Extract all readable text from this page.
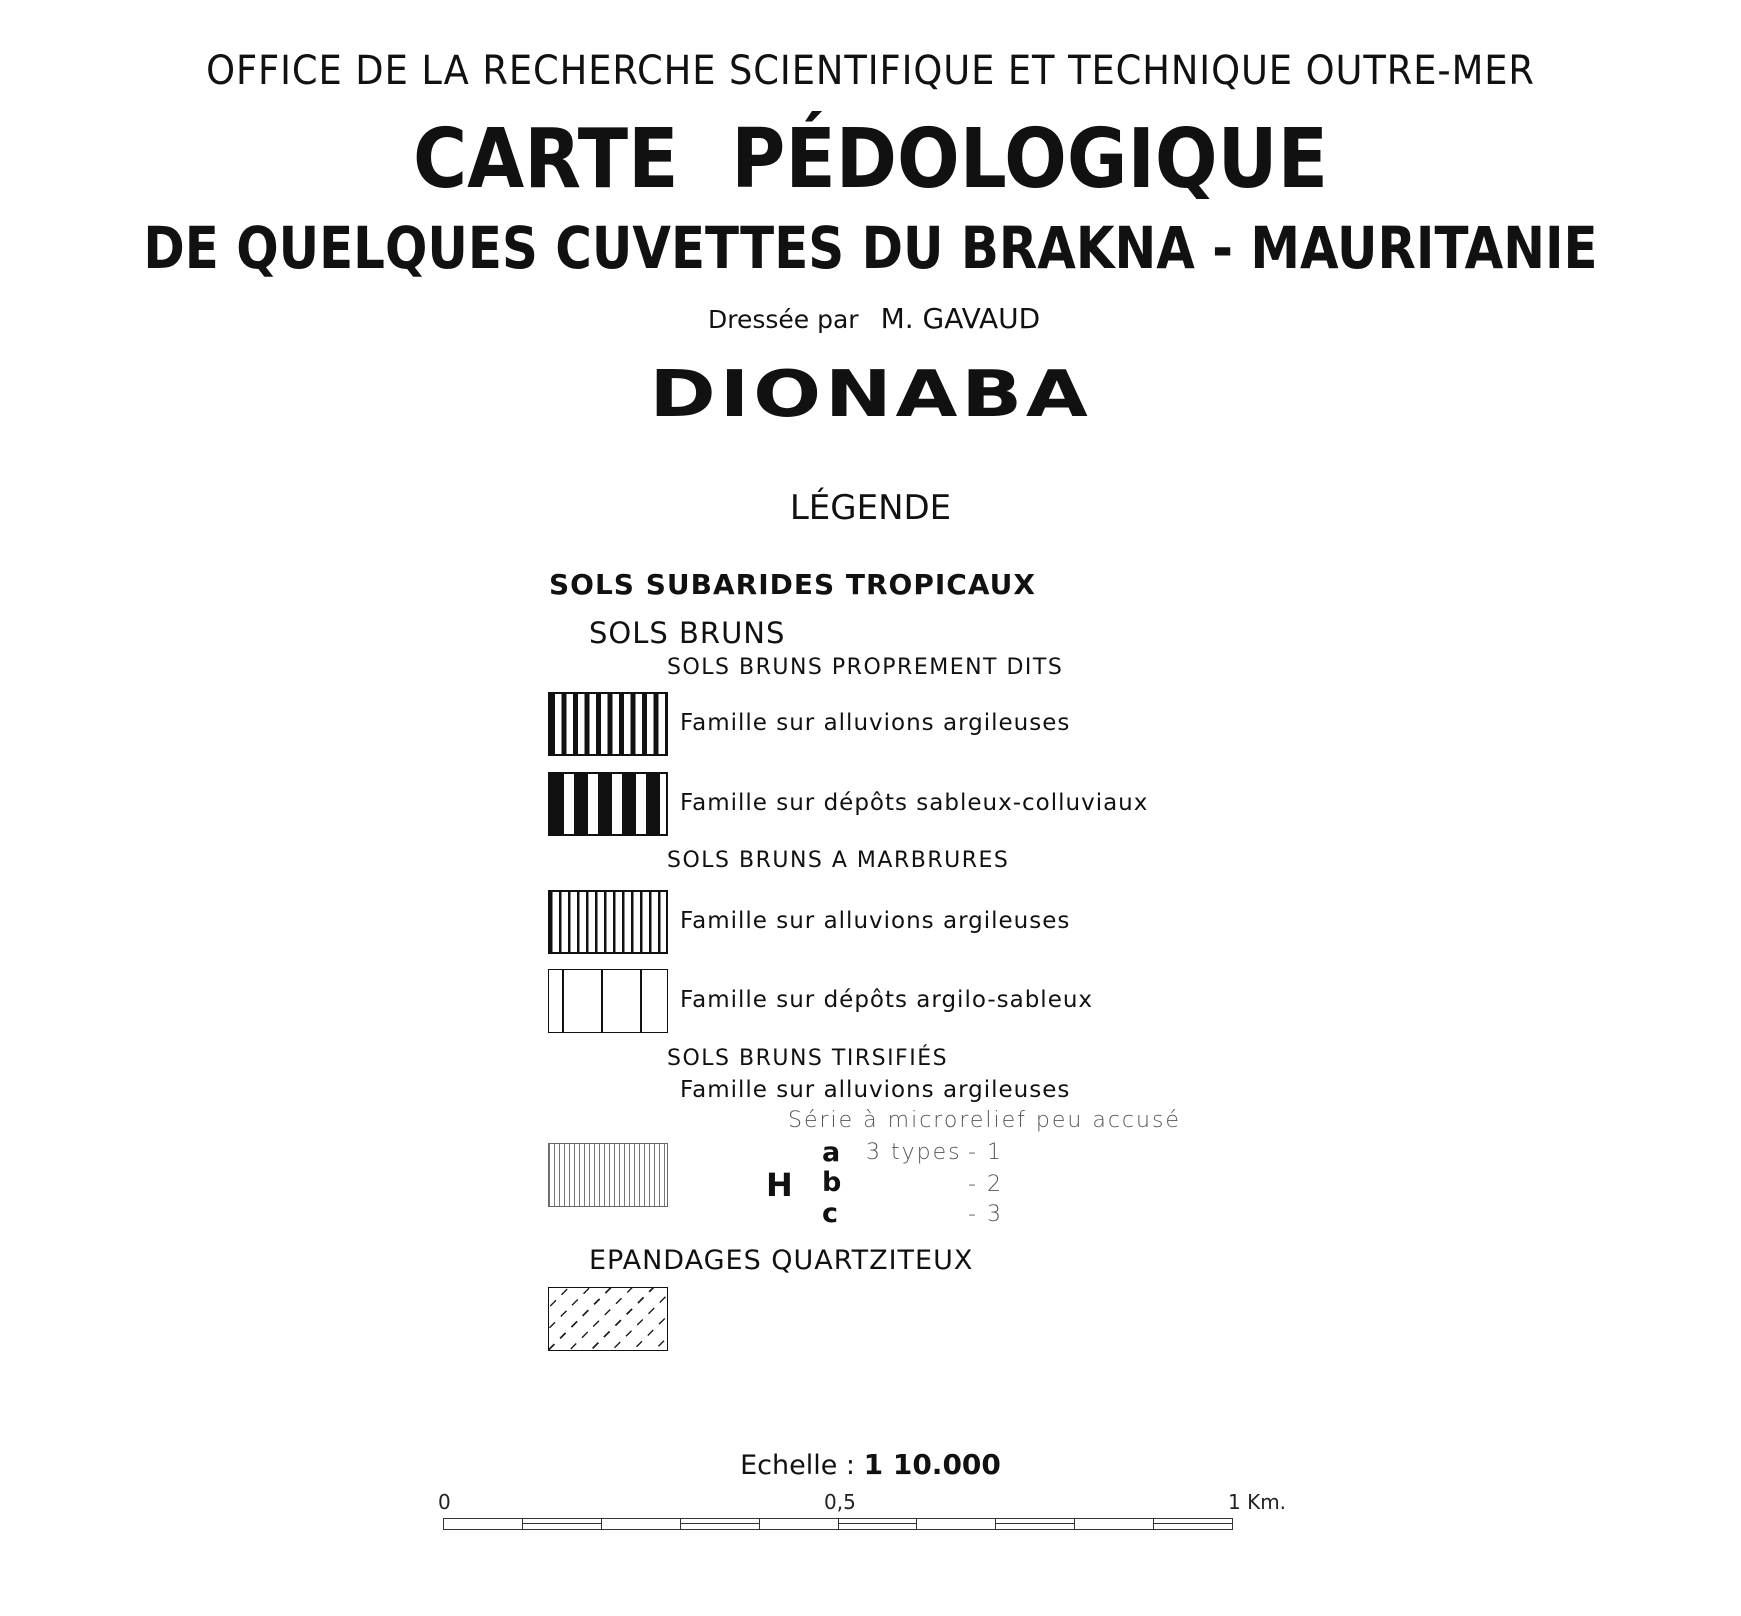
OFFICE DE LA RECHERCHE SCIENTIFIQUE ET TECHNIQUE OUTRE-MER
CARTE PÉDOLOGIQUE
DE QUELQUES CUVETTES DU BRAKNA - MAURITANIE
Dressée par M. GAVAUD
DIONABA
LÉGENDE
SOLS SUBARIDES TROPICAUX
SOLS BRUNS
SOLS BRUNS PROPREMENT DITS
Famille sur alluvions argileuses
Famille sur dépôts sableux-colluviaux
SOLS BRUNS A MARBRURES
Famille sur alluvions argileuses
Famille sur dépôts argilo-sableux
SOLS BRUNS TIRSIFIÉS
Famille sur alluvions argileuses
Série à microrelief peu accusé
H
a 3 types - 1
b	- 2
c	- 3
EPANDAGES QUARTZITEUX
Echelle : 1 10.000
0	0,5	1 Km.
